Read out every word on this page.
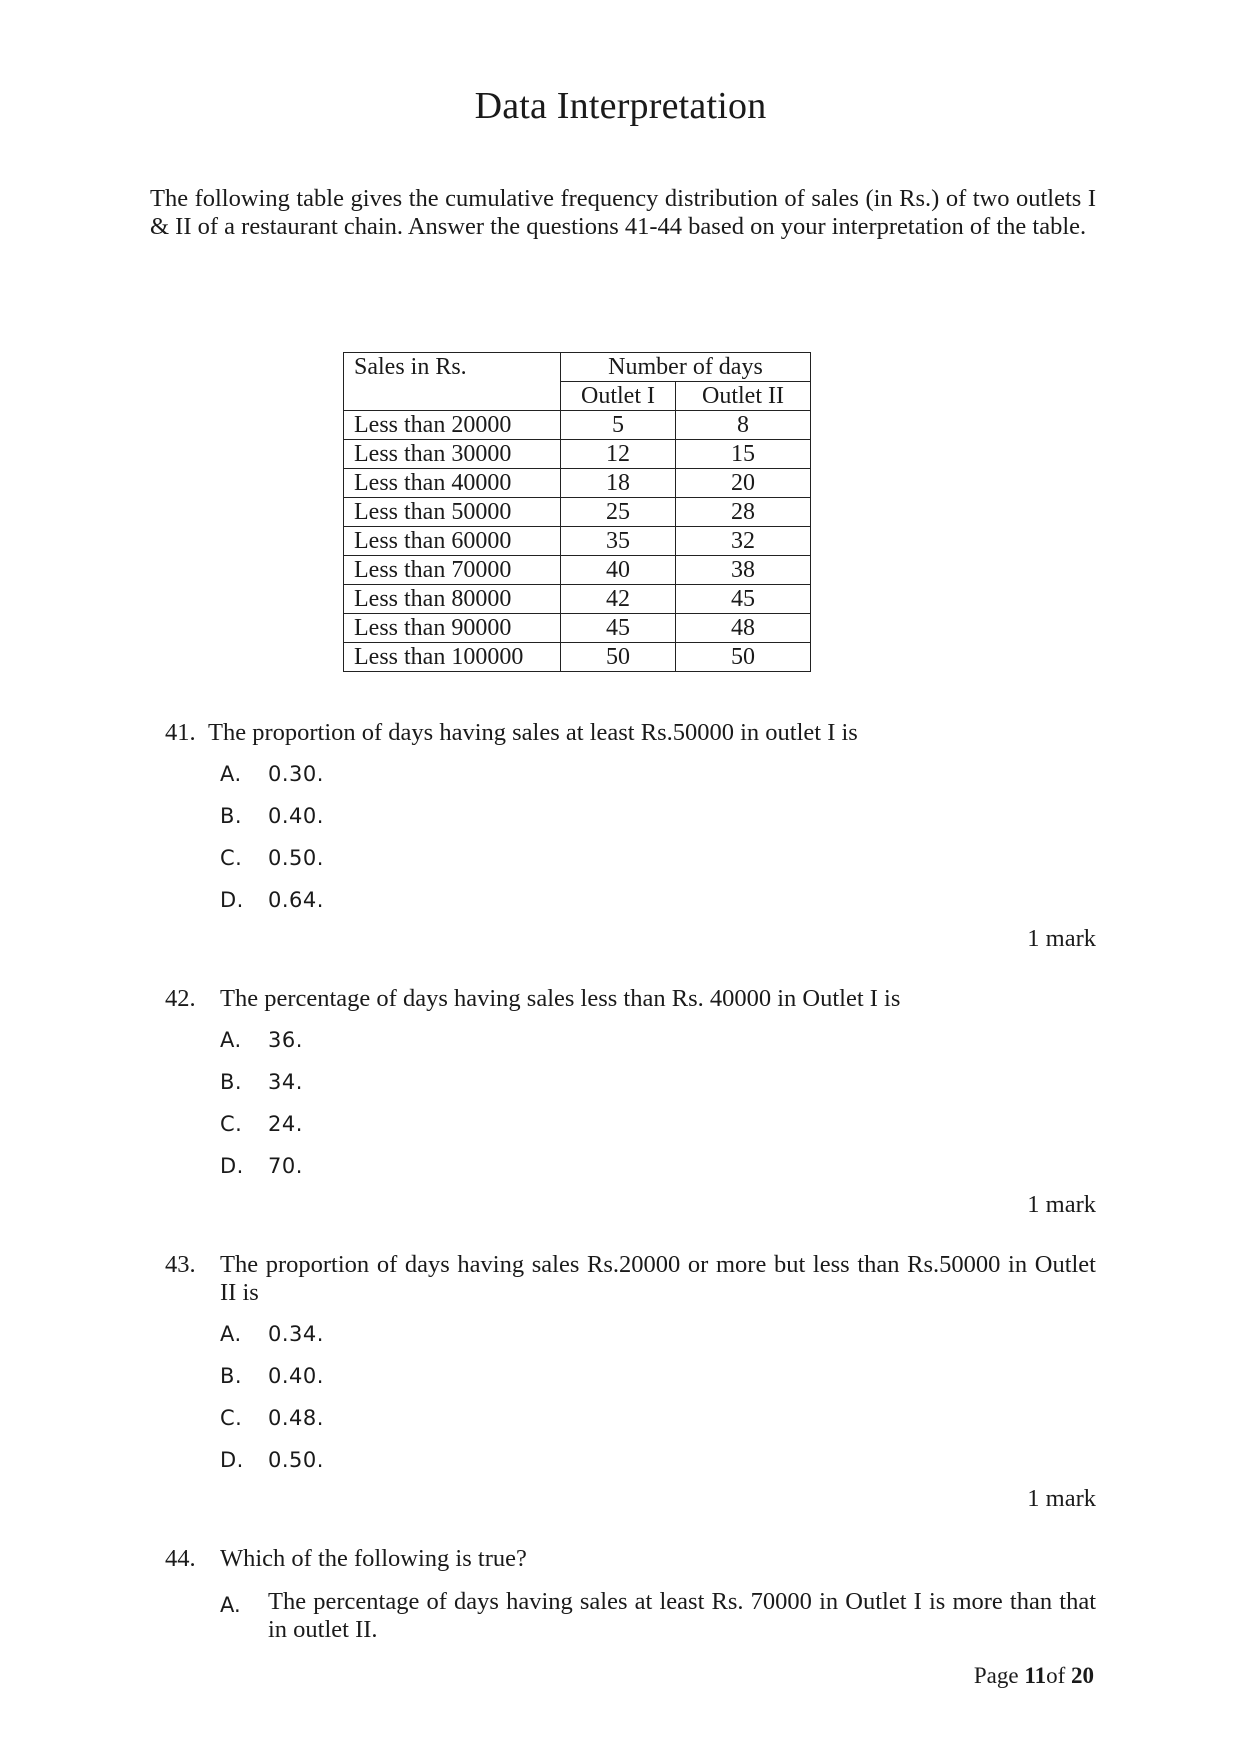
Data Interpretation
The following table gives the cumulative frequency distribution of sales (in Rs.) of two outlets I & II of a restaurant chain. Answer the questions 41-44 based on your interpretation of the table.
Sales in Rs.	Number of days	
	Outlet I	Outlet II
Less than 20000	5	8
Less than 30000	12	15
Less than 40000	18	20
Less than 50000	25	28
Less than 60000	35	32
Less than 70000	40	38
Less than 80000	42	45
Less than 90000	45	48
Less than 100000	50	50
41. The proportion of days having sales at least Rs.50000 in outlet I is
A. 0.30.
B. 0.40.
C. 0.50.
D. 0.64.
1 mark
42. The percentage of days having sales less than Rs. 40000 in Outlet I is
A. 36.
B. 34.
C. 24.
D. 70.
1 mark
43. The proportion of days having sales Rs.20000 or more but less than Rs.50000 in Outlet II is
A. 0.34.
B. 0.40.
C. 0.48.
D. 0.50.
1 mark
44. Which of the following is true?
A. The percentage of days having sales at least Rs. 70000 in Outlet I is more than that in outlet II.
Page 11of 20
